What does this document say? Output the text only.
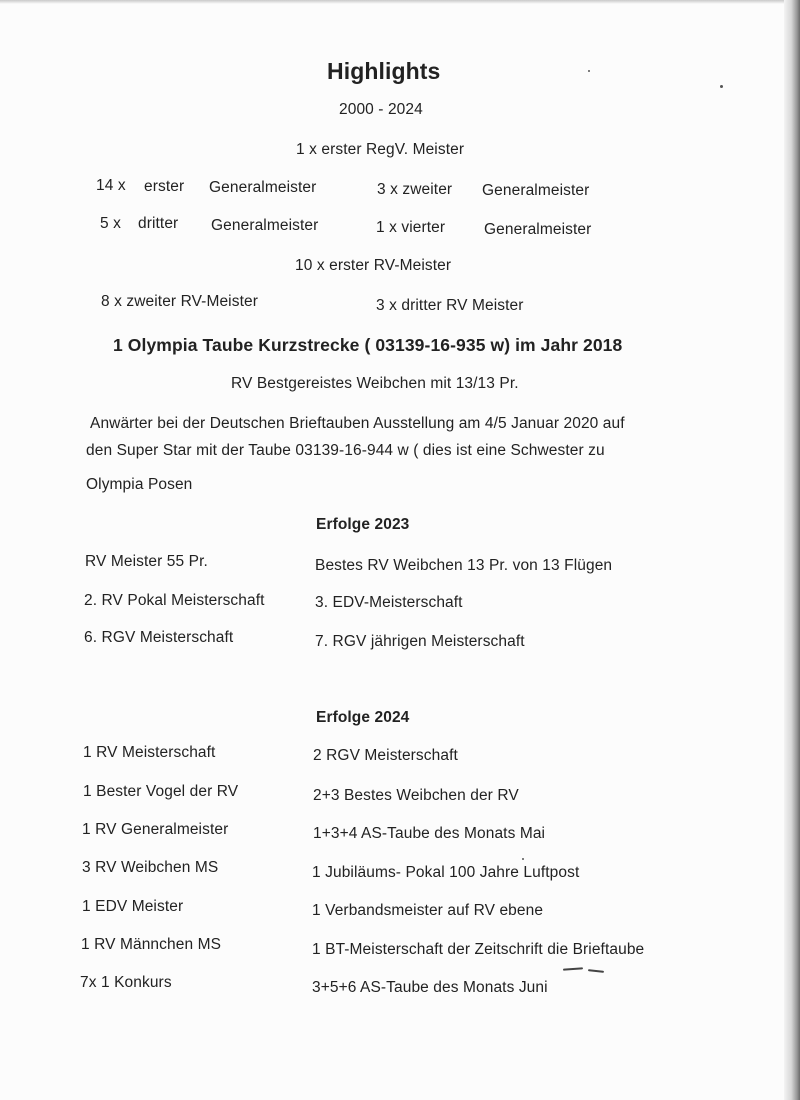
Highlights
2000 - 2024
1 x erster RegV. Meister
14 x erster Generalmeister	3 x zweiter Generalmeister
5 x dritter Generalmeister	1 x vierter	Generalmeister
10 x erster RV-Meister
8 x zweiter RV-Meister	3 x dritter RV Meister
1 Olympia Taube Kurzstrecke ( 03139-16-935 w) im Jahr 2018
RV Bestgereistes Weibchen mit 13/13 Pr.
Anwärter bei der Deutschen Brieftauben Ausstellung am 4/5 Januar 2020 auf
den Super Star mit der Taube 03139-16-944 w ( dies ist eine Schwester zu
Olympia Posen
Erfolge 2023
RV Meister 55 Pr.	Bestes RV Weibchen 13 Pr. von 13 Flügen
2. RV Pokal Meisterschaft	3. EDV-Meisterschaft
6. RGV Meisterschaft	7. RGV jährigen Meisterschaft
Erfolge 2024
1 RV Meisterschaft	2 RGV Meisterschaft
1 Bester Vogel der RV	2+3 Bestes Weibchen der RV
1 RV Generalmeister	1+3+4 AS-Taube des Monats Mai
3 RV Weibchen MS	1 Jubiläums- Pokal 100 Jahre Luftpost
1 EDV Meister	1 Verbandsmeister auf RV ebene
1 RV Männchen MS	1 BT-Meisterschaft der Zeitschrift die Brieftaube
7x 1 Konkurs	3+5+6 AS-Taube des Monats Juni
